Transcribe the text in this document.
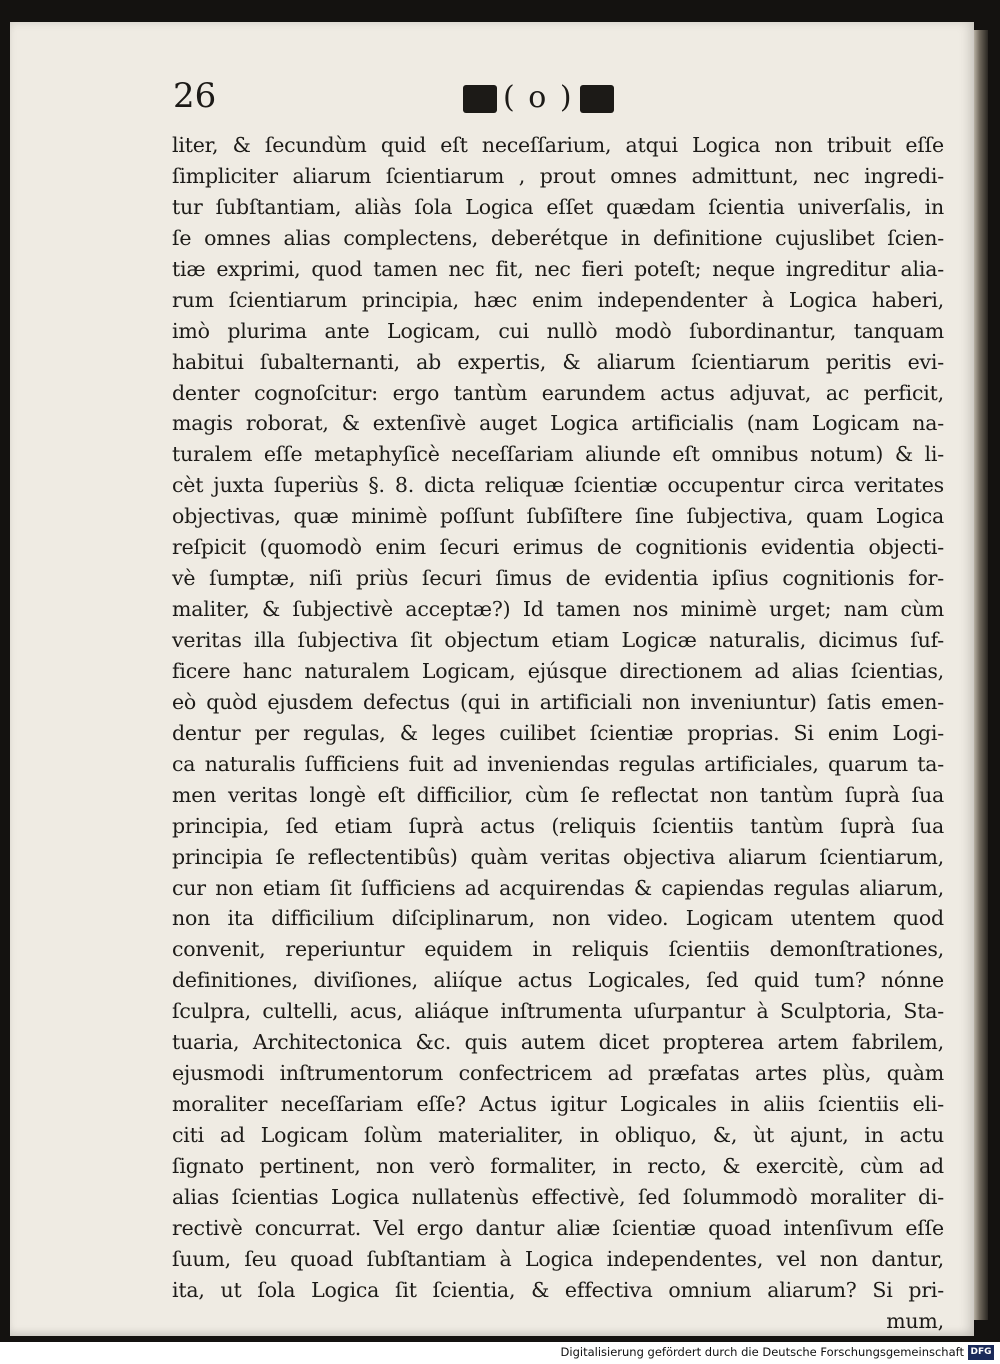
26	( o )
liter, & ſecundùm quid eſt neceſſarium, atqui Logica non tribuit eſſe
ſimpliciter aliarum ſcientiarum , prout omnes admittunt, nec ingredi-
tur ſubſtantiam, aliàs ſola Logica eſſet quædam ſcientia univerſalis, in
ſe omnes alias complectens, deberétque in definitione cujuslibet ſcien-
tiæ exprimi, quod tamen nec fit, nec fieri poteſt; neque ingreditur alia-
rum ſcientiarum principia, hæc enim independenter à Logica haberi,
imò plurima ante Logicam, cui nullò modò ſubordinantur, tanquam
habitui ſubalternanti, ab expertis, & aliarum ſcientiarum peritis evi-
denter cognoſcitur: ergo tantùm earundem actus adjuvat, ac perficit,
magis roborat, & extenſivè auget Logica artificialis (nam Logicam na-
turalem eſſe metaphyſicè neceſſariam aliunde eſt omnibus notum) & li-
cèt juxta ſuperiùs §. 8. dicta reliquæ ſcientiæ occupentur circa veritates
objectivas, quæ minimè poſſunt ſubſiſtere ſine ſubjectiva, quam Logica
reſpicit (quomodò enim ſecuri erimus de cognitionis evidentia objecti-
vè ſumptæ, niſi priùs ſecuri ſimus de evidentia ipſius cognitionis for-
maliter, & ſubjectivè acceptæ?) Id tamen nos minimè urget; nam cùm
veritas illa ſubjectiva ſit objectum etiam Logicæ naturalis, dicimus ſuf-
ficere hanc naturalem Logicam, ejúsque directionem ad alias ſcientias,
eò quòd ejusdem defectus (qui in artificiali non inveniuntur) ſatis emen-
dentur per regulas, & leges cuilibet ſcientiæ proprias. Si enim Logi-
ca naturalis ſufficiens fuit ad inveniendas regulas artificiales, quarum ta-
men veritas longè eſt difficilior, cùm ſe reflectat non tantùm ſuprà ſua
principia, ſed etiam ſuprà actus (reliquis ſcientiis tantùm ſuprà ſua
principia ſe reflectentibûs) quàm veritas objectiva aliarum ſcientiarum,
cur non etiam ſit ſufficiens ad acquirendas & capiendas regulas aliarum,
non ita difficilium diſciplinarum, non video. Logicam utentem quod
convenit, reperiuntur equidem in reliquis ſcientiis demonſtrationes,
definitiones, diviſiones, aliíque actus Logicales, ſed quid tum? nónne
ſculpra, cultelli, acus, aliáque inſtrumenta uſurpantur à Sculptoria, Sta-
tuaria, Architectonica &c. quis autem dicet propterea artem fabrilem,
ejusmodi inſtrumentorum confectricem ad præfatas artes plùs, quàm
moraliter neceſſariam eſſe? Actus igitur Logicales in aliis ſcientiis eli-
citi ad Logicam ſolùm materialiter, in obliquo, &, ùt ajunt, in actu
ſignato pertinent, non verò formaliter, in recto, & exercitè, cùm ad
alias ſcientias Logica nullatenùs effectivè, ſed ſolummodò moraliter di-
rectivè concurrat. Vel ergo dantur aliæ ſcientiæ quoad intenſivum eſſe
ſuum, ſeu quoad ſubſtantiam à Logica independentes, vel non dantur,
ita, ut ſola Logica ſit ſcientia, & effectiva omnium aliarum? Si pri-
mum,
Digitalisierung gefördert durch die Deutsche Forschungsgemeinschaft DFG
